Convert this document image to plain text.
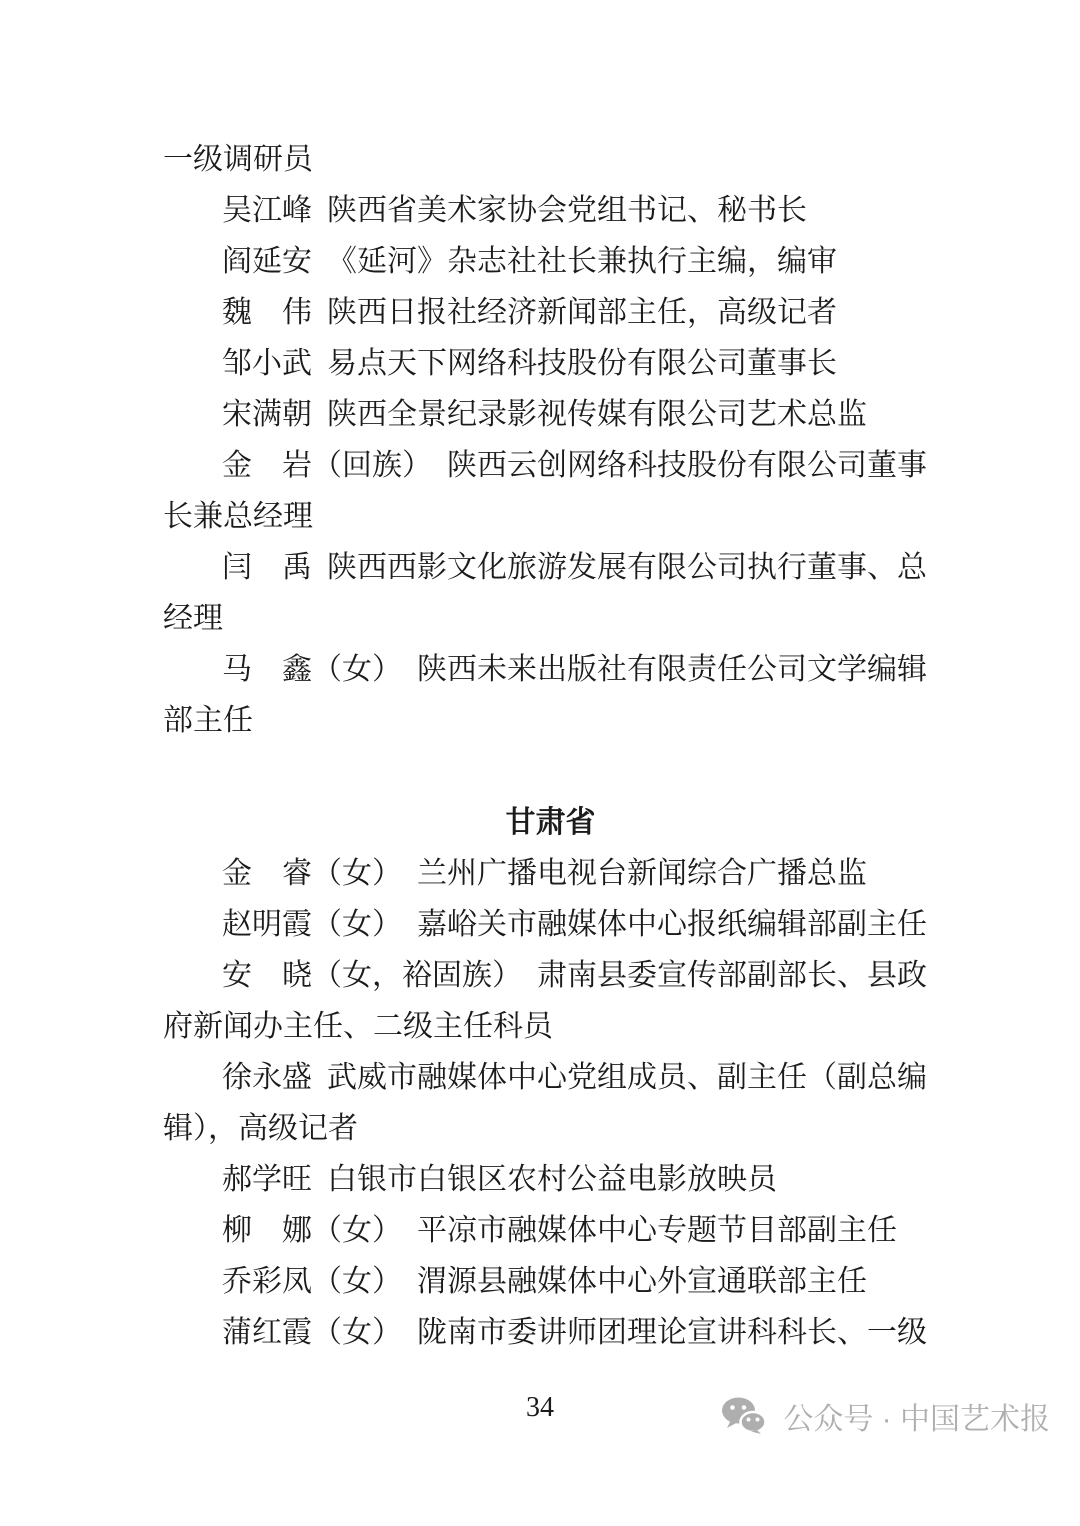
一级调研员

吴江峰 陕西省美术家协会党组书记、秘书长

阎延安 《延河》杂志社社长兼执行主编，编审

魏　伟 陕西日报社经济新闻部主任，高级记者

邹小武 易点天下网络科技股份有限公司董事长

宋满朝 陕西全景纪录影视传媒有限公司艺术总监

金　岩（回族）　陕西云创网络科技股份有限公司董事

长兼总经理

闫　禹 陕西西影文化旅游发展有限公司执行董事、总

经理

马　鑫（女）　陕西未来出版社有限责任公司文学编辑

部主任

甘肃省

金　睿（女）　兰州广播电视台新闻综合广播总监

赵明霞（女）　嘉峪关市融媒体中心报纸编辑部副主任

安　晓（女，裕固族）　肃南县委宣传部副部长、县政

府新闻办主任、二级主任科员

徐永盛 武威市融媒体中心党组成员、副主任（副总编

辑），高级记者

郝学旺 白银市白银区农村公益电影放映员

柳　娜（女）　平凉市融媒体中心专题节目部副主任

乔彩凤（女）　渭源县融媒体中心外宣通联部主任

蒲红霞（女）　陇南市委讲师团理论宣讲科科长、一级

34

	公众号 · 中国艺术报
